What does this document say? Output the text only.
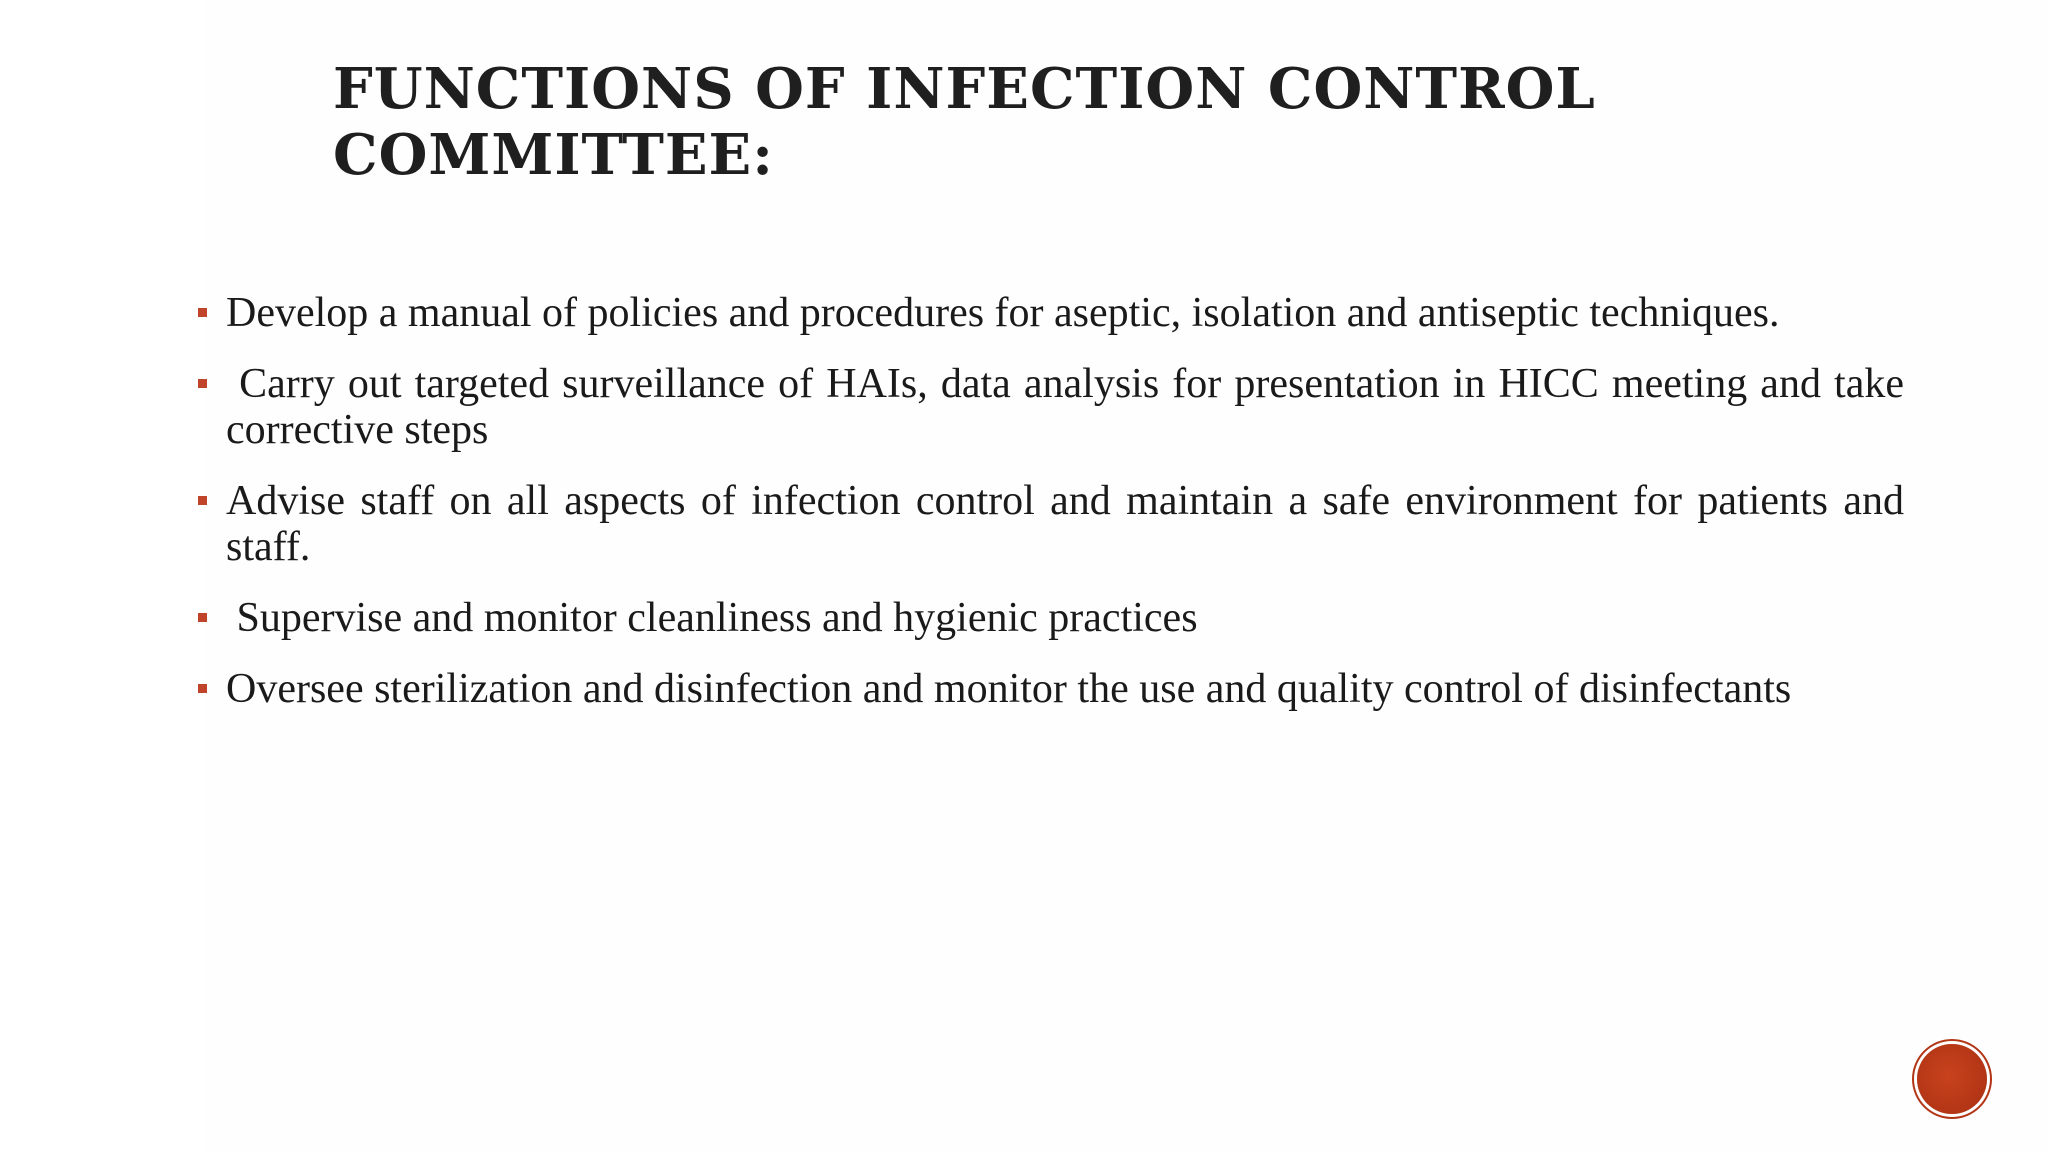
FUNCTIONS OF INFECTION CONTROL COMMITTEE:
Develop a manual of policies and procedures for aseptic, isolation and antiseptic techniques.
Carry out targeted surveillance of HAIs, data analysis for presentation in HICC meeting and take corrective steps
Advise staff on all aspects of infection control and maintain a safe environment for patients and staff.
Supervise and monitor cleanliness and hygienic practices
Oversee sterilization and disinfection and monitor the use and quality control of disinfectants
